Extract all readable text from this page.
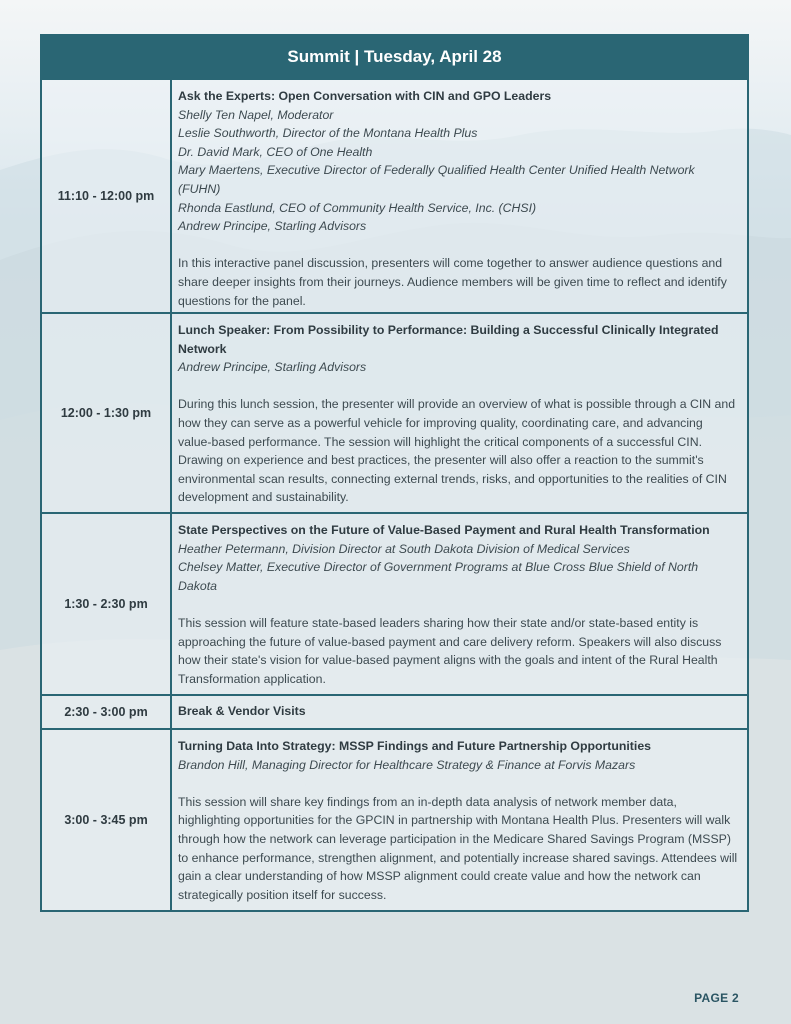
Summit | Tuesday, April 28
11:10 - 12:00 pm
Ask the Experts: Open Conversation with CIN and GPO Leaders
Shelly Ten Napel, Moderator
Leslie Southworth, Director of the Montana Health Plus
Dr. David Mark, CEO of One Health
Mary Maertens, Executive Director of Federally Qualified Health Center Unified Health Network (FUHN)
Rhonda Eastlund, CEO of Community Health Service, Inc. (CHSI)
Andrew Principe, Starling Advisors
In this interactive panel discussion, presenters will come together to answer audience questions and share deeper insights from their journeys. Audience members will be given time to reflect and identify questions for the panel.
12:00 - 1:30 pm
Lunch Speaker: From Possibility to Performance: Building a Successful Clinically Integrated Network
Andrew Principe, Starling Advisors
During this lunch session, the presenter will provide an overview of what is possible through a CIN and how they can serve as a powerful vehicle for improving quality, coordinating care, and advancing value-based performance. The session will highlight the critical components of a successful CIN. Drawing on experience and best practices, the presenter will also offer a reaction to the summit's environmental scan results, connecting external trends, risks, and opportunities to the realities of CIN development and sustainability.
1:30 - 2:30 pm
State Perspectives on the Future of Value-Based Payment and Rural Health Transformation
Heather Petermann, Division Director at South Dakota Division of Medical Services
Chelsey Matter, Executive Director of Government Programs at Blue Cross Blue Shield of North Dakota
This session will feature state-based leaders sharing how their state and/or state-based entity is approaching the future of value-based payment and care delivery reform. Speakers will also discuss how their state's vision for value-based payment aligns with the goals and intent of the Rural Health Transformation application.
2:30 - 3:00 pm	Break & Vendor Visits
3:00 - 3:45 pm
Turning Data Into Strategy: MSSP Findings and Future Partnership Opportunities
Brandon Hill, Managing Director for Healthcare Strategy & Finance at Forvis Mazars
This session will share key findings from an in-depth data analysis of network member data, highlighting opportunities for the GPCIN in partnership with Montana Health Plus. Presenters will walk through how the network can leverage participation in the Medicare Shared Savings Program (MSSP) to enhance performance, strengthen alignment, and potentially increase shared savings. Attendees will gain a clear understanding of how MSSP alignment could create value and how the network can strategically position itself for success.
PAGE 2
